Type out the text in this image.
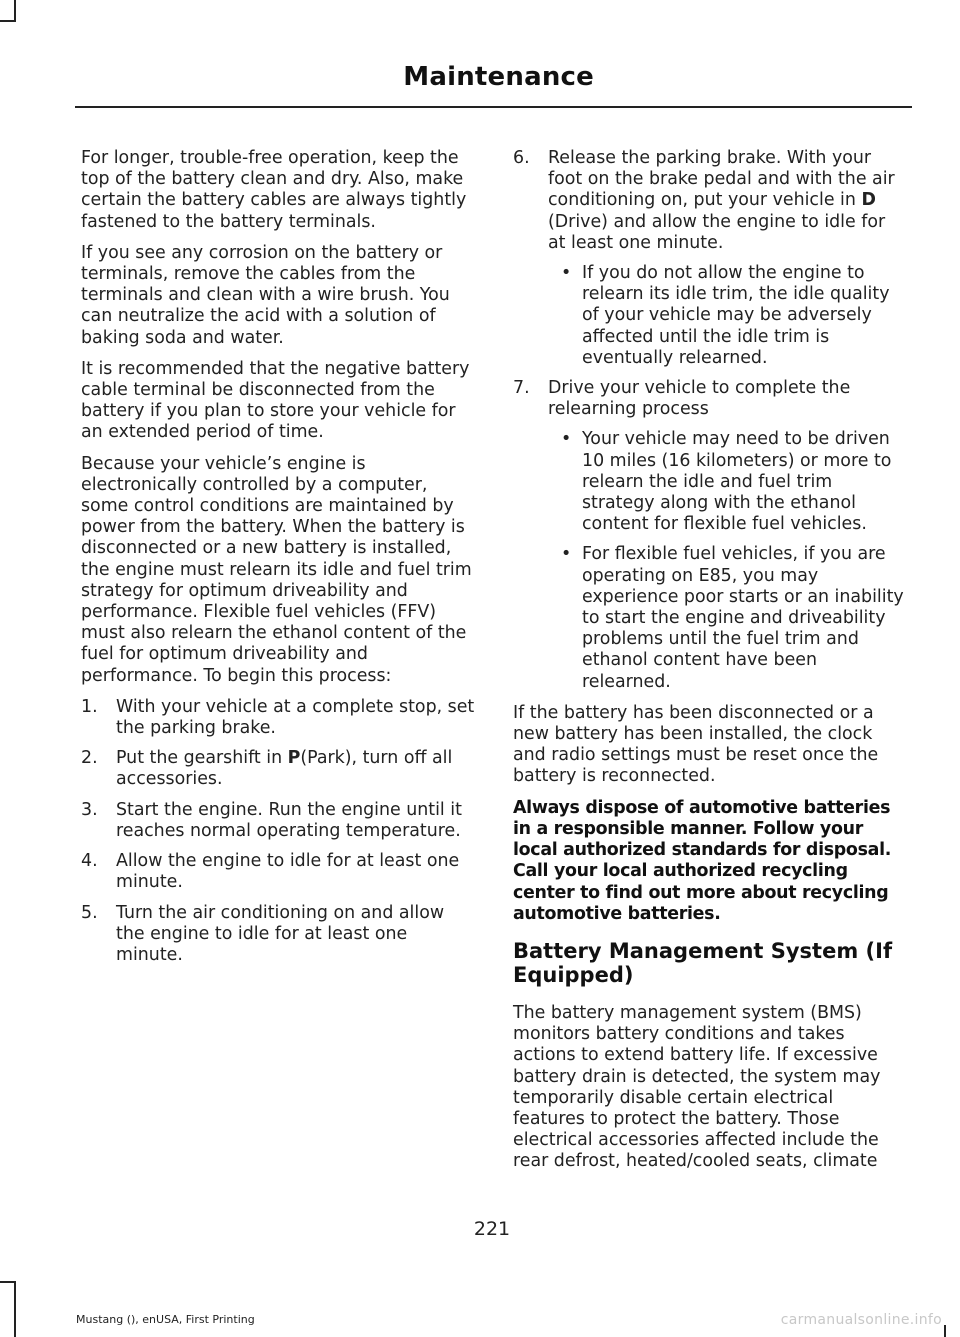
Maintenance

For longer, trouble-free operation, keep the top of the battery clean and dry. Also, make certain the battery cables are always tightly fastened to the battery terminals.

If you see any corrosion on the battery or terminals, remove the cables from the terminals and clean with a wire brush. You can neutralize the acid with a solution of baking soda and water.

It is recommended that the negative battery cable terminal be disconnected from the battery if you plan to store your vehicle for an extended period of time.

Because your vehicle’s engine is electronically controlled by a computer, some control conditions are maintained by power from the battery. When the battery is disconnected or a new battery is installed, the engine must relearn its idle and fuel trim strategy for optimum driveability and performance. Flexible fuel vehicles (FFV) must also relearn the ethanol content of the fuel for optimum driveability and performance. To begin this process:

1. With your vehicle at a complete stop, set the parking brake.
2. Put the gearshift in P(Park), turn off all accessories.
3. Start the engine. Run the engine until it reaches normal operating temperature.
4. Allow the engine to idle for at least one minute.
5. Turn the air conditioning on and allow the engine to idle for at least one minute.
6. Release the parking brake. With your foot on the brake pedal and with the air conditioning on, put your vehicle in D (Drive) and allow the engine to idle for at least one minute.
• If you do not allow the engine to relearn its idle trim, the idle quality of your vehicle may be adversely affected until the idle trim is eventually relearned.
7. Drive your vehicle to complete the relearning process
• Your vehicle may need to be driven 10 miles (16 kilometers) or more to relearn the idle and fuel trim strategy along with the ethanol content for flexible fuel vehicles.
• For flexible fuel vehicles, if you are operating on E85, you may experience poor starts or an inability to start the engine and driveability problems until the fuel trim and ethanol content have been relearned.

If the battery has been disconnected or a new battery has been installed, the clock and radio settings must be reset once the battery is reconnected.

Always dispose of automotive batteries in a responsible manner. Follow your local authorized standards for disposal. Call your local authorized recycling center to find out more about recycling automotive batteries.

Battery Management System (If Equipped)

The battery management system (BMS) monitors battery conditions and takes actions to extend battery life. If excessive battery drain is detected, the system may temporarily disable certain electrical features to protect the battery. Those electrical accessories affected include the rear defrost, heated/cooled seats, climate

221
Mustang (), enUSA, First Printing	carmanualsonline.info
